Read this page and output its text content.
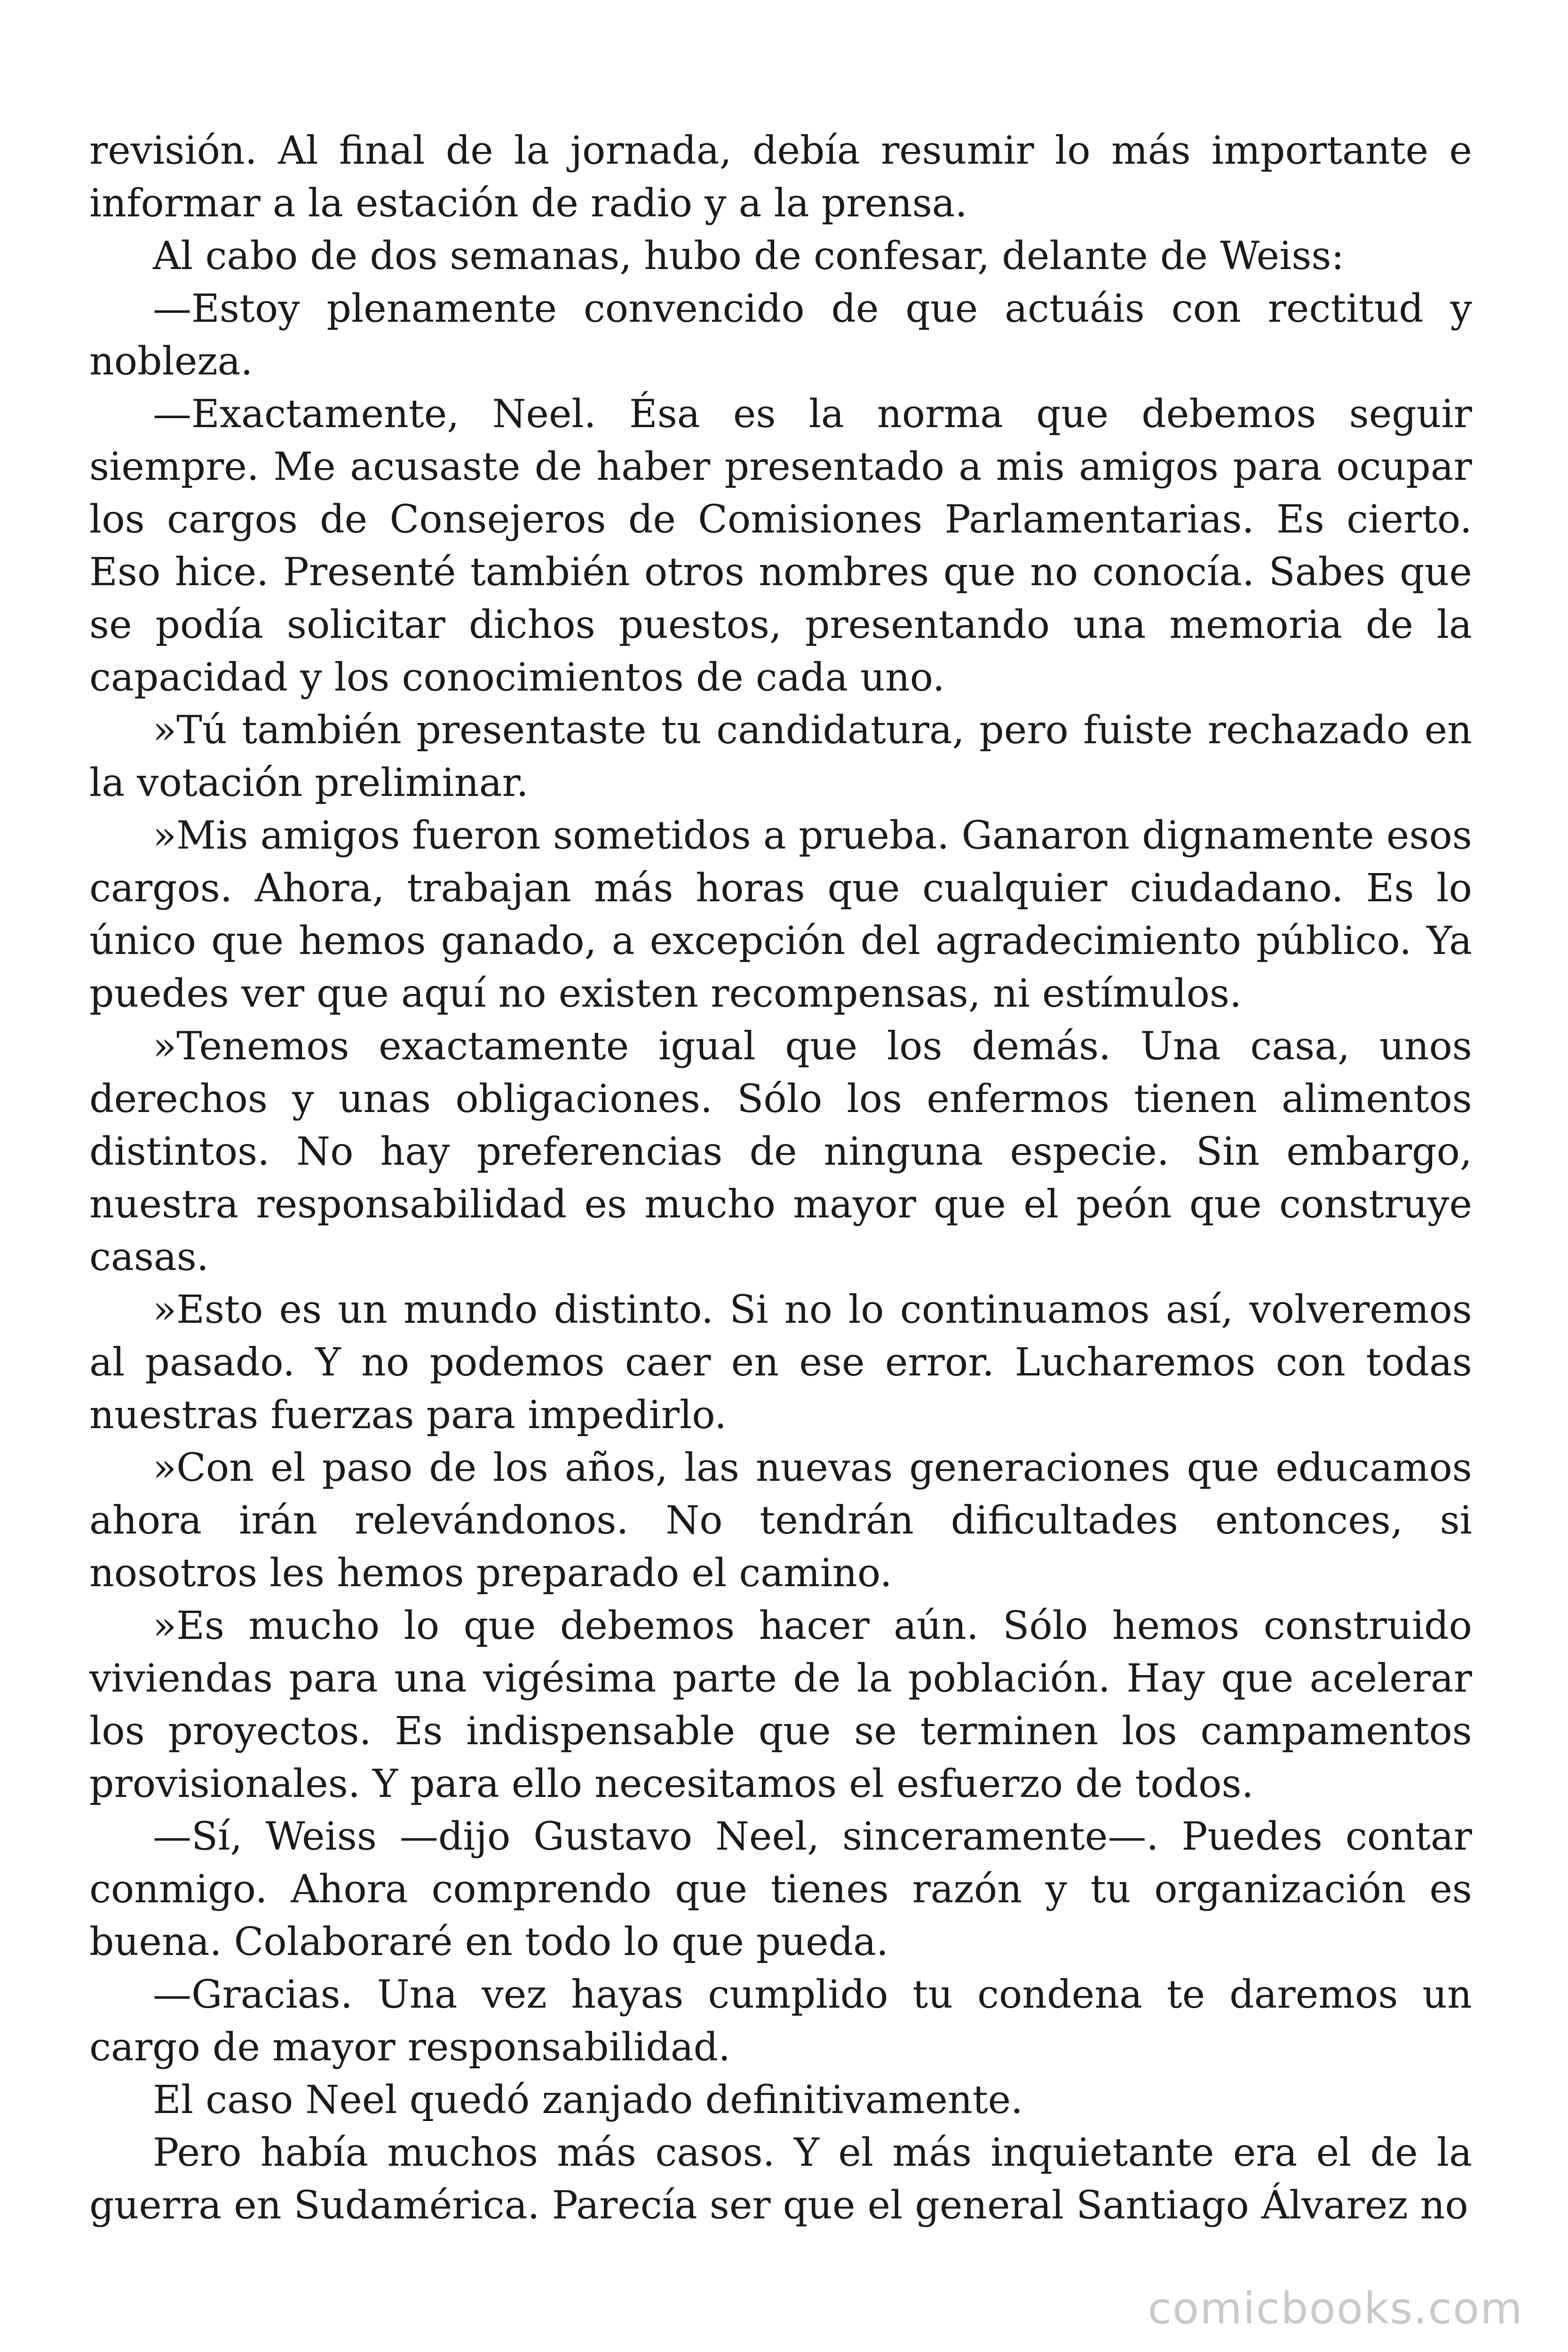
revisión. Al final de la jornada, debía resumir lo más importante e informar a la estación de radio y a la prensa.

Al cabo de dos semanas, hubo de confesar, delante de Weiss:

—Estoy plenamente convencido de que actuáis con rectitud y nobleza.

—Exactamente, Neel. Ésa es la norma que debemos seguir siempre. Me acusaste de haber presentado a mis amigos para ocupar los cargos de Consejeros de Comisiones Parlamentarias. Es cierto. Eso hice. Presenté también otros nombres que no conocía. Sabes que se podía solicitar dichos puestos, presentando una memoria de la capacidad y los conocimientos de cada uno.

»Tú también presentaste tu candidatura, pero fuiste rechazado en la votación preliminar.

»Mis amigos fueron sometidos a prueba. Ganaron dignamente esos cargos. Ahora, trabajan más horas que cualquier ciudadano. Es lo único que hemos ganado, a excepción del agradecimiento público. Ya puedes ver que aquí no existen recompensas, ni estímulos.

»Tenemos exactamente igual que los demás. Una casa, unos derechos y unas obligaciones. Sólo los enfermos tienen alimentos distintos. No hay preferencias de ninguna especie. Sin embargo, nuestra responsabilidad es mucho mayor que el peón que construye casas.

»Esto es un mundo distinto. Si no lo continuamos así, volveremos al pasado. Y no podemos caer en ese error. Lucharemos con todas nuestras fuerzas para impedirlo.

»Con el paso de los años, las nuevas generaciones que educamos ahora irán relevándonos. No tendrán dificultades entonces, si nosotros les hemos preparado el camino.

»Es mucho lo que debemos hacer aún. Sólo hemos construido viviendas para una vigésima parte de la población. Hay que acelerar los proyectos. Es indispensable que se terminen los campamentos provisionales. Y para ello necesitamos el esfuerzo de todos.

—Sí, Weiss —dijo Gustavo Neel, sinceramente—. Puedes contar conmigo. Ahora comprendo que tienes razón y tu organización es buena. Colaboraré en todo lo que pueda.

—Gracias. Una vez hayas cumplido tu condena te daremos un cargo de mayor responsabilidad.

El caso Neel quedó zanjado definitivamente.

Pero había muchos más casos. Y el más inquietante era el de la guerra en Sudamérica. Parecía ser que el general Santiago Álvarez no

comicbooks.com
